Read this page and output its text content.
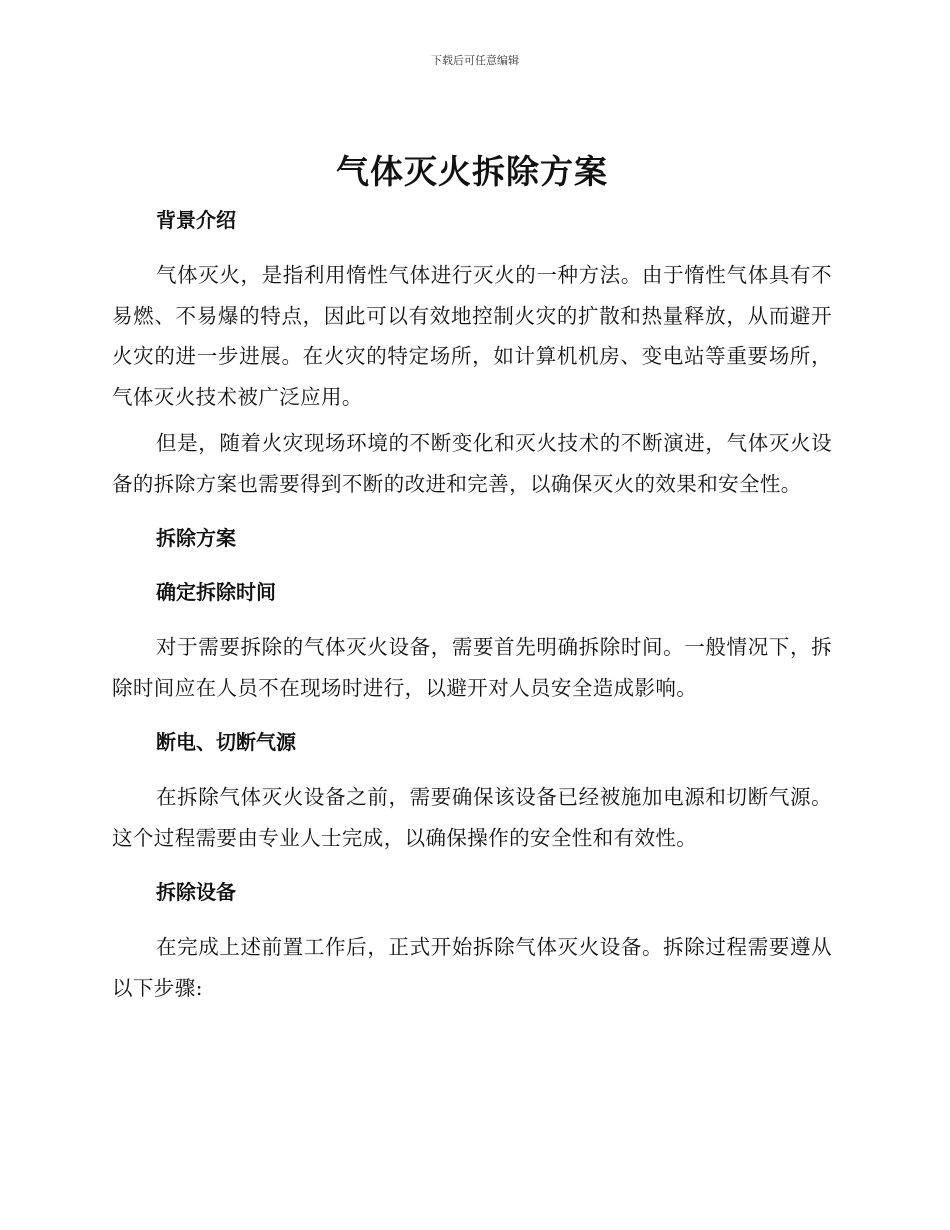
下载后可任意编辑
气体灭火拆除方案
背景介绍

气体灭火，是指利用惰性气体进行灭火的一种方法。由于惰性气体具有不易燃、不易爆的特点，因此可以有效地控制火灾的扩散和热量释放，从而避开火灾的进一步进展。在火灾的特定场所，如计算机机房、变电站等重要场所，气体灭火技术被广泛应用。

但是，随着火灾现场环境的不断变化和灭火技术的不断演进，气体灭火设备的拆除方案也需要得到不断的改进和完善，以确保灭火的效果和安全性。

拆除方案
确定拆除时间

对于需要拆除的气体灭火设备，需要首先明确拆除时间。一般情况下，拆除时间应在人员不在现场时进行，以避开对人员安全造成影响。

断电、切断气源

在拆除气体灭火设备之前，需要确保该设备已经被施加电源和切断气源。这个过程需要由专业人士完成，以确保操作的安全性和有效性。

拆除设备

在完成上述前置工作后，正式开始拆除气体灭火设备。拆除过程需要遵从以下步骤:
